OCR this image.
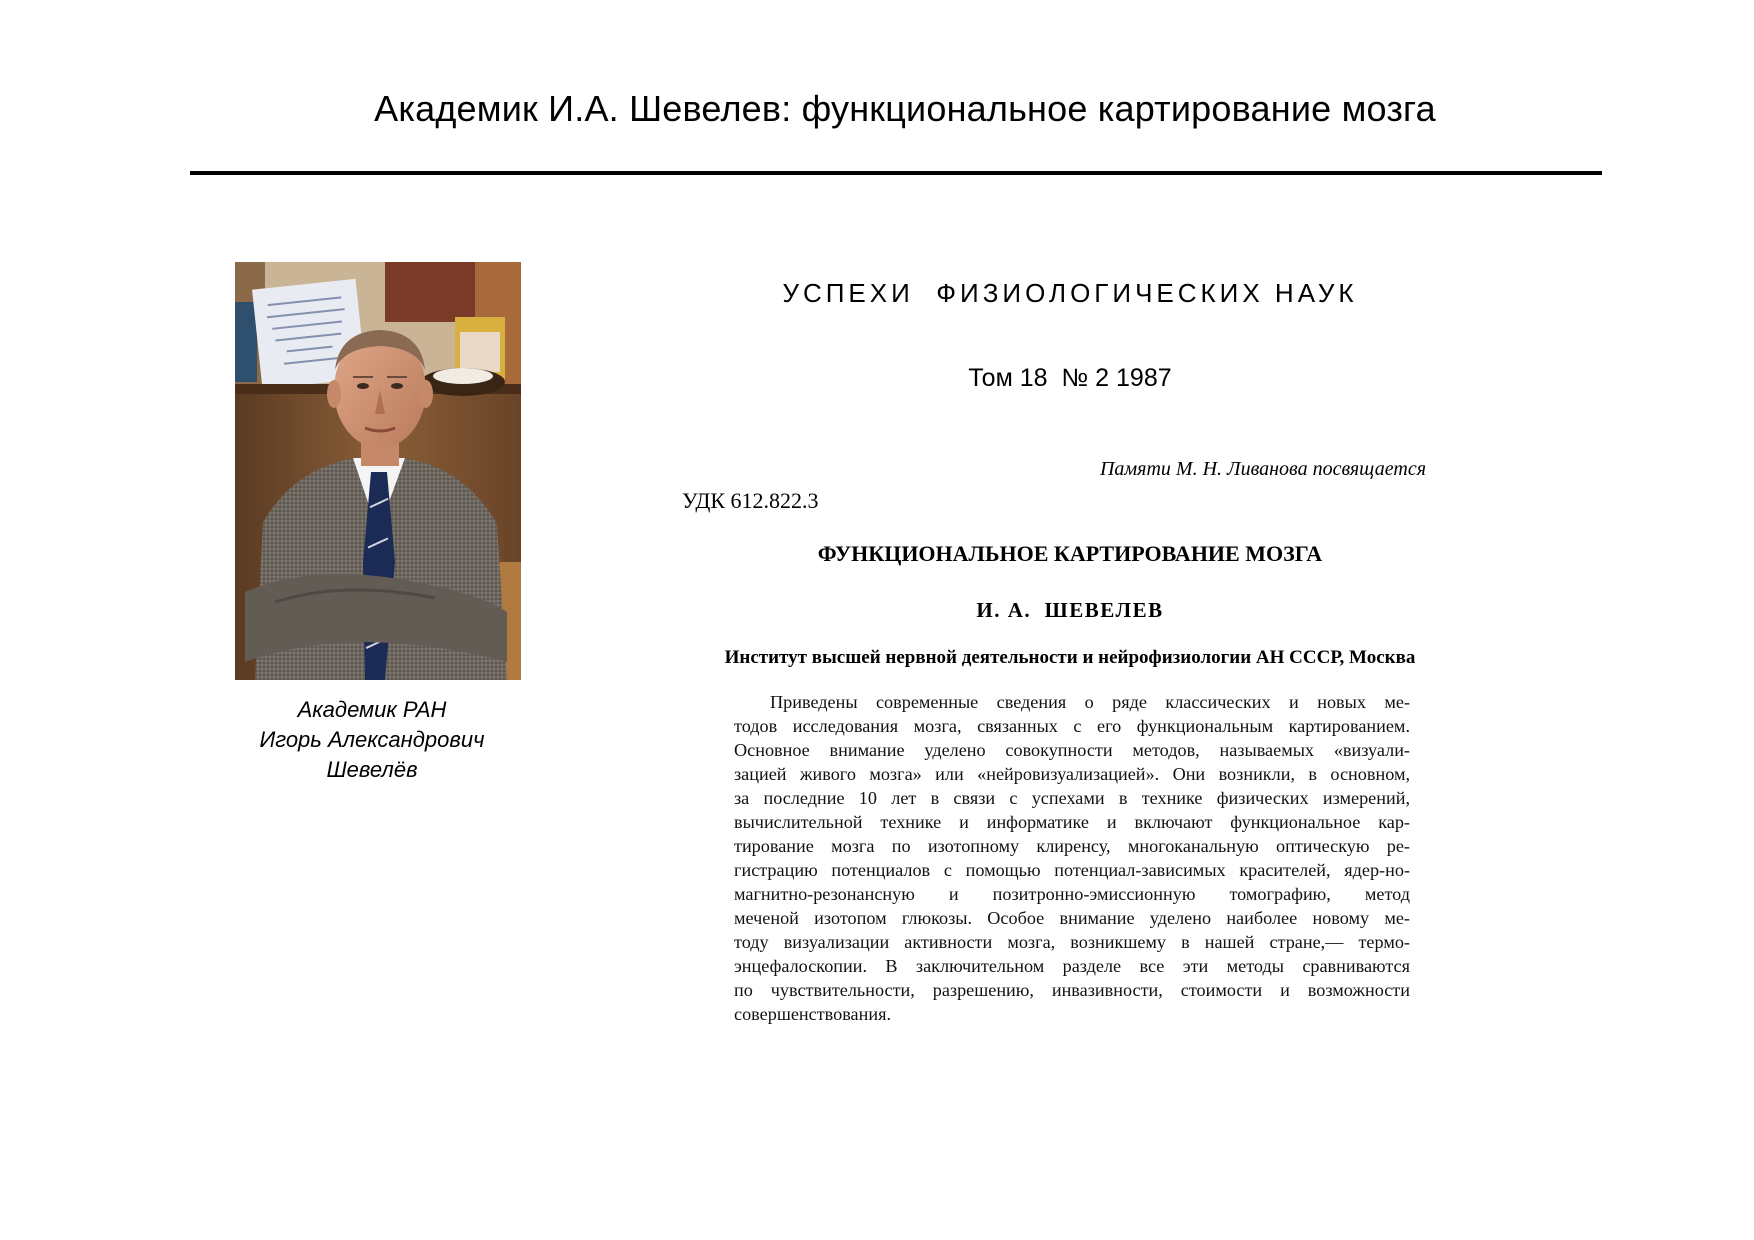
Академик И.А. Шевелев: функциональное картирование мозга
Академик РАН
Игорь Александрович
Шевелёв
УСПЕХИ  ФИЗИОЛОГИЧЕСКИХ НАУК
Том 18  № 2 1987
Памяти М. Н. Ливанова посвящается
УДК 612.822.3
ФУНКЦИОНАЛЬНОЕ КАРТИРОВАНИЕ МОЗГА
И. А.  ШЕВЕЛЕВ
Институт высшей нервной деятельности и нейрофизиологии АН СССР, Москва
Приведены современные сведения о ряде классических и новых ме-
тодов исследования мозга, связанных с его функциональным картированием.
Основное внимание уделено совокупности методов, называемых «визуали-
зацией живого мозга» или «нейровизуализацией». Они возникли, в основном,
за последние 10 лет в связи с успехами в технике физических измерений,
вычислительной технике и информатике и включают функциональное кар-
тирование мозга по изотопному клиренсу, многоканальную оптическую ре-
гистрацию потенциалов с помощью потенциал-зависимых красителей, ядер-но-
магнитно-резонансную и позитронно-эмиссионную томографию, метод
меченой изотопом глюкозы. Особое внимание уделено наиболее новому ме-
тоду визуализации активности мозга, возникшему в нашей стране,— термо-
энцефалоскопии. В заключительном разделе все эти методы сравниваются
по чувствительности, разрешению, инвазивности, стоимости и возможности
совершенствования.
